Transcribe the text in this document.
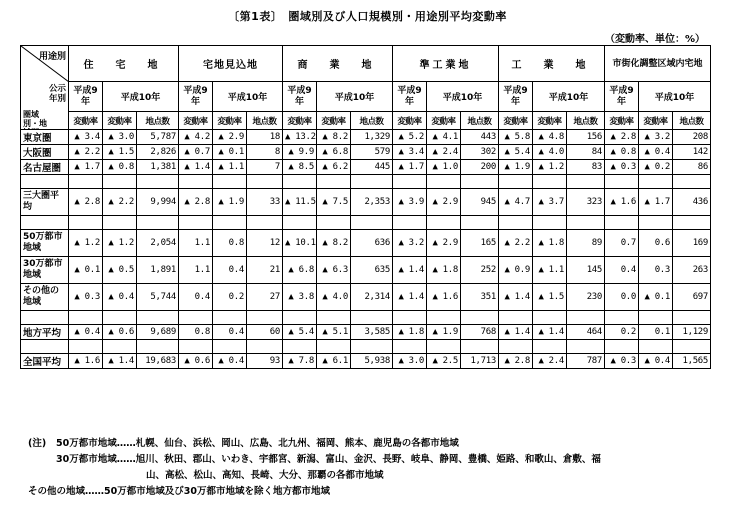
〔第1表〕　圏域別及び人口規模別・用途別平均変動率
（変動率、単位：%）
用途別
公示年別
圏域別・地	住　宅　地			宅地見込地			商　業　地			準工業地			工　業　地			市街化調整区域内宅地		
	平成9年	平成10年		平成9年	平成10年		平成9年	平成10年		平成9年	平成10年		平成9年	平成10年		平成9年	平成10年	
	変動率	変動率	地点数	変動率	変動率	地点数	変動率	変動率	地点数	変動率	変動率	地点数	変動率	変動率	地点数	変動率	変動率	地点数
東京圏	▲ 3.4	▲ 3.0	5,787	▲ 4.2	▲ 2.9	18	▲ 13.2	▲ 8.2	1,329	▲ 5.2	▲ 4.1	443	▲ 5.8	▲ 4.8	156	▲ 2.8	▲ 3.2	208
大阪圏	▲ 2.2	▲ 1.5	2,826	▲ 0.7	▲ 0.1	8	▲ 9.9	▲ 6.8	579	▲ 3.4	▲ 2.4	302	▲ 5.4	▲ 4.0	84	▲ 0.8	▲ 0.4	142
名古屋圏	▲ 1.7	▲ 0.8	1,381	▲ 1.4	▲ 1.1	7	▲ 8.5	▲ 6.2	445	▲ 1.7	▲ 1.0	200	▲ 1.9	▲ 1.2	83	▲ 0.3	▲ 0.2	86

三大圏平均	▲ 2.8	▲ 2.2	9,994	▲ 2.8	▲ 1.9	33	▲ 11.5	▲ 7.5	2,353	▲ 3.9	▲ 2.9	945	▲ 4.7	▲ 3.7	323	▲ 1.6	▲ 1.7	436

50万都市地域	▲ 1.2	▲ 1.2	2,054	1.1	0.8	12	▲ 10.1	▲ 8.2	636	▲ 3.2	▲ 2.9	165	▲ 2.2	▲ 1.8	89	0.7	0.6	169
30万都市地域	▲ 0.1	▲ 0.5	1,891	1.1	0.4	21	▲ 6.8	▲ 6.3	635	▲ 1.4	▲ 1.8	252	▲ 0.9	▲ 1.1	145	0.4	0.3	263
その他の地域	▲ 0.3	▲ 0.4	5,744	0.4	0.2	27	▲ 3.8	▲ 4.0	2,314	▲ 1.4	▲ 1.6	351	▲ 1.4	▲ 1.5	230	0.0	▲ 0.1	697

地方平均	▲ 0.4	▲ 0.6	9,689	0.8	0.4	60	▲ 5.4	▲ 5.1	3,585	▲ 1.8	▲ 1.9	768	▲ 1.4	▲ 1.4	464	0.2	0.1	1,129

全国平均	▲ 1.6	▲ 1.4	19,683	▲ 0.6	▲ 0.4	93	▲ 7.8	▲ 6.1	5,938	▲ 3.0	▲ 2.5	1,713	▲ 2.8	▲ 2.4	787	▲ 0.3	▲ 0.4	1,565
(注) 50万都市地域……札幌、仙台、浜松、岡山、広島、北九州、福岡、熊本、鹿児島の各都市地域
30万都市地域……旭川、秋田、郡山、いわき、宇都宮、新潟、富山、金沢、長野、岐阜、静岡、豊橋、姫路、和歌山、倉敷、福
山、高松、松山、高知、長崎、大分、那覇の各都市地域
その他の地域……50万都市地域及び30万都市地域を除く地方都市地域
